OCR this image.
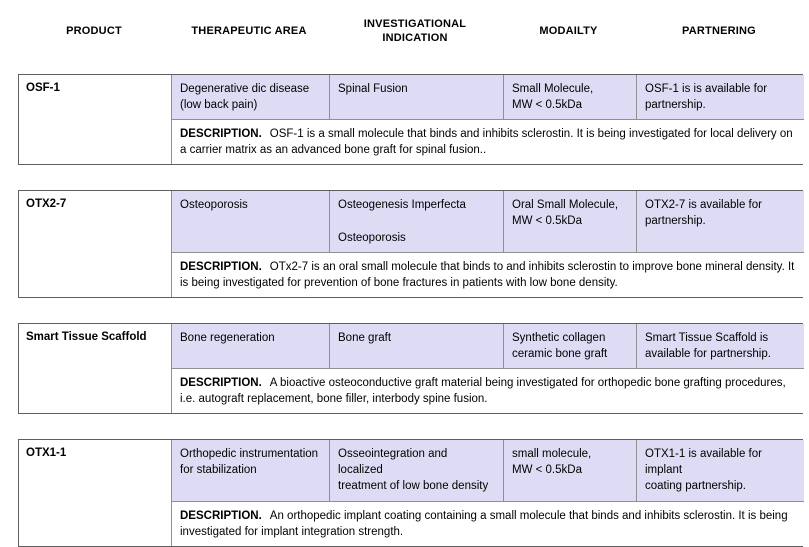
PRODUCT	THERAPEUTIC AREA
INVESTIGATIONAL
INDICATION
MODAILTY	PARTNERING
OSF-1	Degenerative dic disease
(low back pain)
Spinal Fusion	Small Molecule,
MW < 0.5kDa
OSF-1 is is available for
partnership.
DESCRIPTION. OSF-1 is a small molecule that binds and inhibits sclerostin. It is being investigated for local delivery on a carrier matrix as an advanced bone graft for spinal fusion..
OTX2-7	Osteoporosis	Osteogenesis Imperfecta

Osteoporosis
Oral Small Molecule,
MW < 0.5kDa
OTX2-7 is available for
partnership.
DESCRIPTION. OTx2-7 is an oral small molecule that binds to and inhibits sclerostin to improve bone mineral density. It is being investigated for prevention of bone fractures in patients with low bone density.
Smart Tissue Scaffold	Bone regeneration	Bone graft	Synthetic collagen
ceramic bone graft
Smart Tissue Scaffold is
available for partnership.
DESCRIPTION. A bioactive osteoconductive graft material being investigated for orthopedic bone grafting procedures, i.e. autograft replacement, bone filler, interbody spine fusion.
OTX1-1	Orthopedic instrumentation
for stabilization
Osseointegration and localized
treatment of low bone density
small molecule,
MW < 0.5kDa
OTX1-1 is available for implant
coating partnership.
DESCRIPTION. An orthopedic implant coating containing a small molecule that binds and inhibits sclerostin. It is being investigated for implant integration strength.
